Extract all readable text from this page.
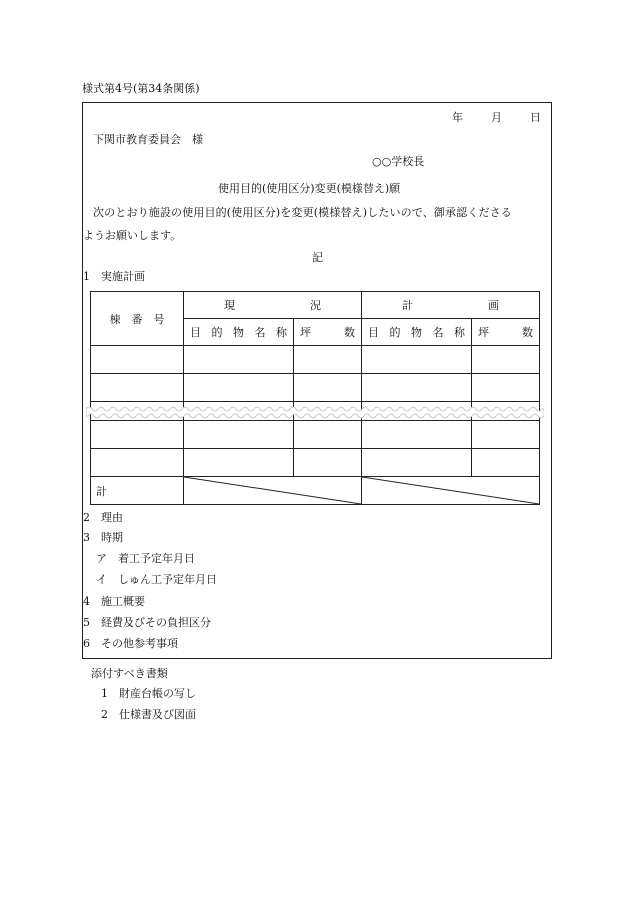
様式第4号(第34条関係)
年	月	日
下関市教育委員会　様
○○学校長
使用目的(使用区分)変更(模様替え)願
次のとおり施設の使用目的(使用区分)を変更(模様替え)したいので、御承認くださる
ようお願いします。
記
1　実施計画
棟　番　号	現 況		計 画	

	目 的 物 名 称	坪 数	目 的 物 名 称	坪 数

計	

2　理由
3　時期
ア　着工予定年月日
イ　しゅん工予定年月日
4　施工概要
5　経費及びその負担区分
6　その他参考事項
添付すべき書類
1　財産台帳の写し
2　仕様書及び図面
